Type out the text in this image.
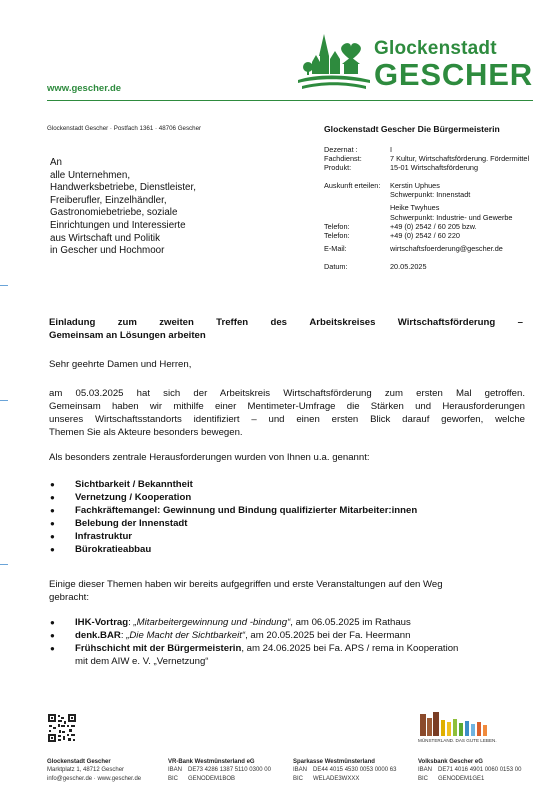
www.gescher.de
Glockenstadt
GESCHER
Glockenstadt Gescher · Postfach 1361 · 48706 Gescher
An
alle Unternehmen,
Handwerksbetriebe, Dienstleister,
Freiberufler, Einzelhändler,
Gastronomiebetriebe, soziale
Einrichtungen und Interessierte
aus Wirtschaft und Politik
in Gescher und Hochmoor
Glockenstadt Gescher Die Bürgermeisterin
Dezernat :	I
Fachdienst:	7 Kultur, Wirtschaftsförderung. Fördermittel
Produkt:	15-01 Wirtschaftsförderung
Auskunft erteilen:	Kerstin Uphues
Schwerpunkt: Innenstadt
Heike Twyhues
Schwerpunkt: Industrie- und Gewerbe
Telefon:	+49 (0) 2542 / 60 205 bzw.
Telefon:	+49 (0) 2542 / 60 220
E-Mail:	wirtschaftsfoerderung@gescher.de
Datum:	20.05.2025
Einladung zum zweiten Treffen des Arbeitskreises Wirtschaftsförderung –
Gemeinsam an Lösungen arbeiten
Sehr geehrte Damen und Herren,
am 05.03.2025 hat sich der Arbeitskreis Wirtschaftsförderung zum ersten Mal getroffen.
Gemeinsam haben wir mithilfe einer Mentimeter-Umfrage die Stärken und Herausforderungen
unseres Wirtschaftsstandorts identifiziert – und einen ersten Blick darauf geworfen, welche
Themen Sie als Akteure besonders bewegen.
Als besonders zentrale Herausforderungen wurden von Ihnen u.a. genannt:
●	Sichtbarkeit / Bekanntheit
●	Vernetzung / Kooperation
●	Fachkräftemangel: Gewinnung und Bindung qualifizierter Mitarbeiter:innen
●	Belebung der Innenstadt
●	Infrastruktur
●	Bürokratieabbau
Einige dieser Themen haben wir bereits aufgegriffen und erste Veranstaltungen auf den Weg
gebracht:
●	IHK-Vortrag: „Mitarbeitergewinnung und -bindung“, am 06.05.2025 im Rathaus
●	denk.BAR: „Die Macht der Sichtbarkeit“, am 20.05.2025 bei der Fa. Heermann
●	Frühschicht mit der Bürgermeisterin, am 24.06.2025 bei Fa. APS / rema in Kooperation
mit dem AIW e. V. „Vernetzung“
MÜNSTERLAND. DAS GUTE LEBEN.
Glockenstadt Gescher
Marktplatz 1, 48712 Gescher
info@gescher.de · www.gescher.de
VR-Bank Westmünsterland eG
IBAN DE73 4286 1387 5110 0300 00
BIC GENODEM1BOB
Sparkasse Westmünsterland
IBAN DE44 4015 4530 0053 0000 63
BIC WELADE3WXXX
Volksbank Gescher eG
IBAN DE71 4016 4901 0060 0153 00
BIC GENODEM1GE1
